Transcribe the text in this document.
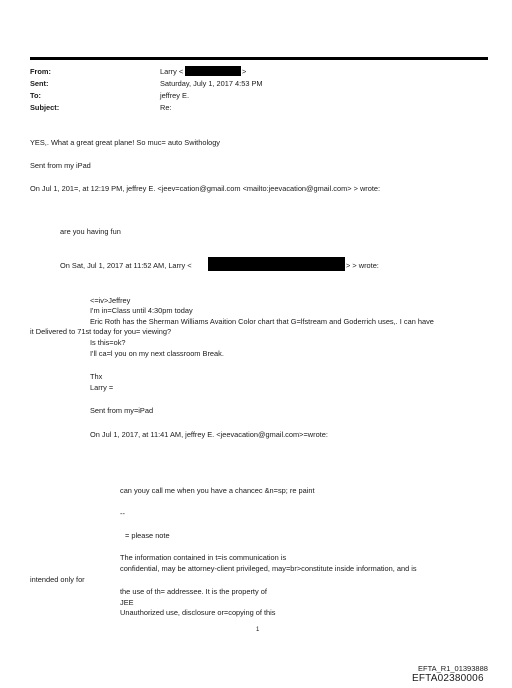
From:
Sent:
To:
Subject:
Larry <	>
Saturday, July 1, 2017 4:53 PM
jeffrey E.
Re:
YES,. What a great great plane! So muc= auto Swithology
Sent from my iPad
On Jul 1, 201=, at 12:19 PM, jeffrey E. <jeev=cation@gmail.com <mailto:jeevacation@gmail.com> > wrote:
are you having fun
On Sat, Jul 1, 2017 at 11:52 AM, Larry <	> > wrote:
<=iv>Jeffrey
I'm in=Class until 4:30pm today
Eric Roth has the Sherman Williams Avaition Color chart that G=lfstream and Goderrich uses,. I can have
it Delivered to 71st today for you= viewing?
Is this=ok?
I'll ca=l you on my next classroom Break.
Thx
Larry =
Sent from my=iPad
On Jul 1, 2017, at 11:41 AM, jeffrey E. <jeevacation@gmail.com>=wrote:
can youy call me when you have a chancec &n=sp; re paint
--
= please note
The information contained in t=is communication is
confidential, may be attorney-client privileged, may=br>constitute inside information, and is
intended only for
the use of th= addressee. It is the property of
JEE
Unauthorized use, disclosure or=copying of this
1
EFTA_R1_01393888
EFTA02380006
